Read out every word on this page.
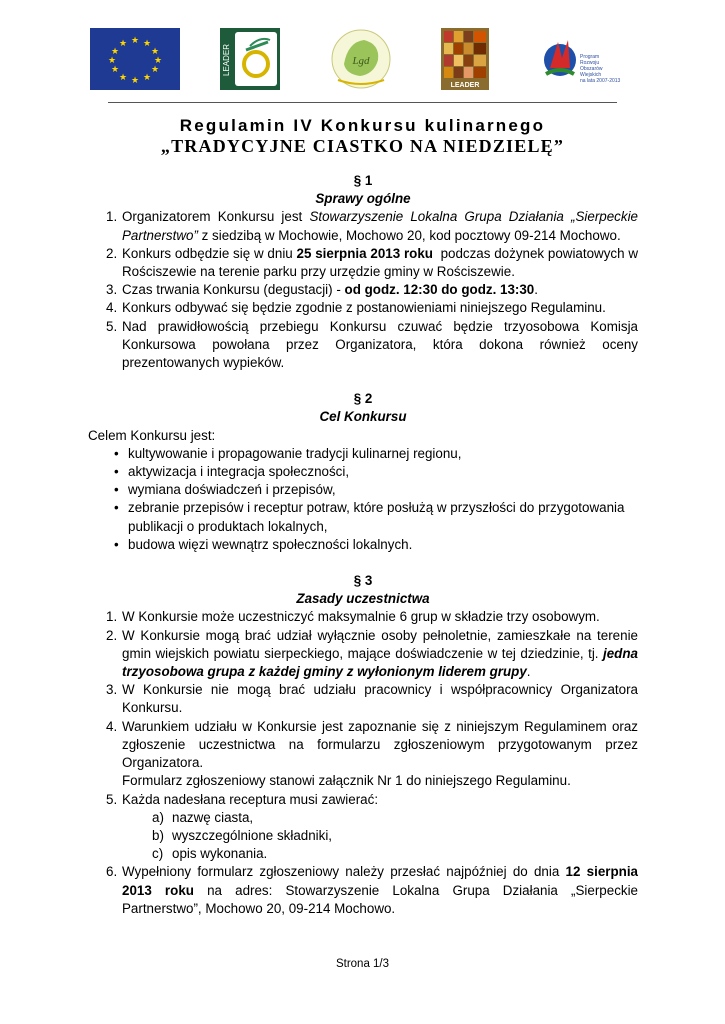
★ ★
★
★
★
★
★
★
★
★
★
★	LEADER	Lgd
LEADER
Program
Rozwoju
Obszarów
Wiejskich
na lata 2007-2013
Regulamin IV Konkursu kulinarnego
„TRADYCYJNE CIASTKO NA NIEDZIELĘ”
§ 1
Sprawy ogólne
1. Organizatorem Konkursu jest Stowarzyszenie Lokalna Grupa Działania „Sierpeckie Partnerstwo” z siedzibą w Mochowie, Mochowo 20, kod pocztowy 09-214 Mochowo.
2. Konkurs odbędzie się w dniu 25 sierpnia 2013 roku  podczas dożynek powiatowych w Rościszewie na terenie parku przy urzędzie gminy w Rościszewie.
3. Czas trwania Konkursu (degustacji) - od godz. 12:30 do godz. 13:30.
4. Konkurs odbywać się będzie zgodnie z postanowieniami niniejszego Regulaminu.
5. Nad prawidłowością przebiegu Konkursu czuwać będzie trzyosobowa Komisja Konkursowa powołana przez Organizatora, która dokona również oceny prezentowanych wypieków.
§ 2
Cel Konkursu
Celem Konkursu jest:
• kultywowanie i propagowanie tradycji kulinarnej regionu,
• aktywizacja i integracja społeczności,
• wymiana doświadczeń i przepisów,
• zebranie przepisów i receptur potraw, które posłużą w przyszłości do przygotowania publikacji o produktach lokalnych,
• budowa więzi wewnątrz społeczności lokalnych.
§ 3
Zasady uczestnictwa
1. W Konkursie może uczestniczyć maksymalnie 6 grup w składzie trzy osobowym.
2. W Konkursie mogą brać udział wyłącznie osoby pełnoletnie, zamieszkałe na terenie gmin wiejskich powiatu sierpeckiego, mające doświadczenie w tej dziedzinie, tj. jedna trzyosobowa grupa z każdej gminy z wyłonionym liderem grupy.
3. W Konkursie nie mogą brać udziału pracownicy i współpracownicy Organizatora Konkursu.
4. Warunkiem udziału w Konkursie jest zapoznanie się z niniejszym Regulaminem oraz zgłoszenie uczestnictwa na formularzu zgłoszeniowym przygotowanym przez Organizatora.
Formularz zgłoszeniowy stanowi załącznik Nr 1 do niniejszego Regulaminu.
5. Każda nadesłana receptura musi zawierać:
a) nazwę ciasta,
b) wyszczególnione składniki,
c) opis wykonania.
6. Wypełniony formularz zgłoszeniowy należy przesłać najpóźniej do dnia 12 sierpnia 2013 roku na adres: Stowarzyszenie Lokalna Grupa Działania „Sierpeckie Partnerstwo”, Mochowo 20, 09-214 Mochowo.
Strona 1/3
